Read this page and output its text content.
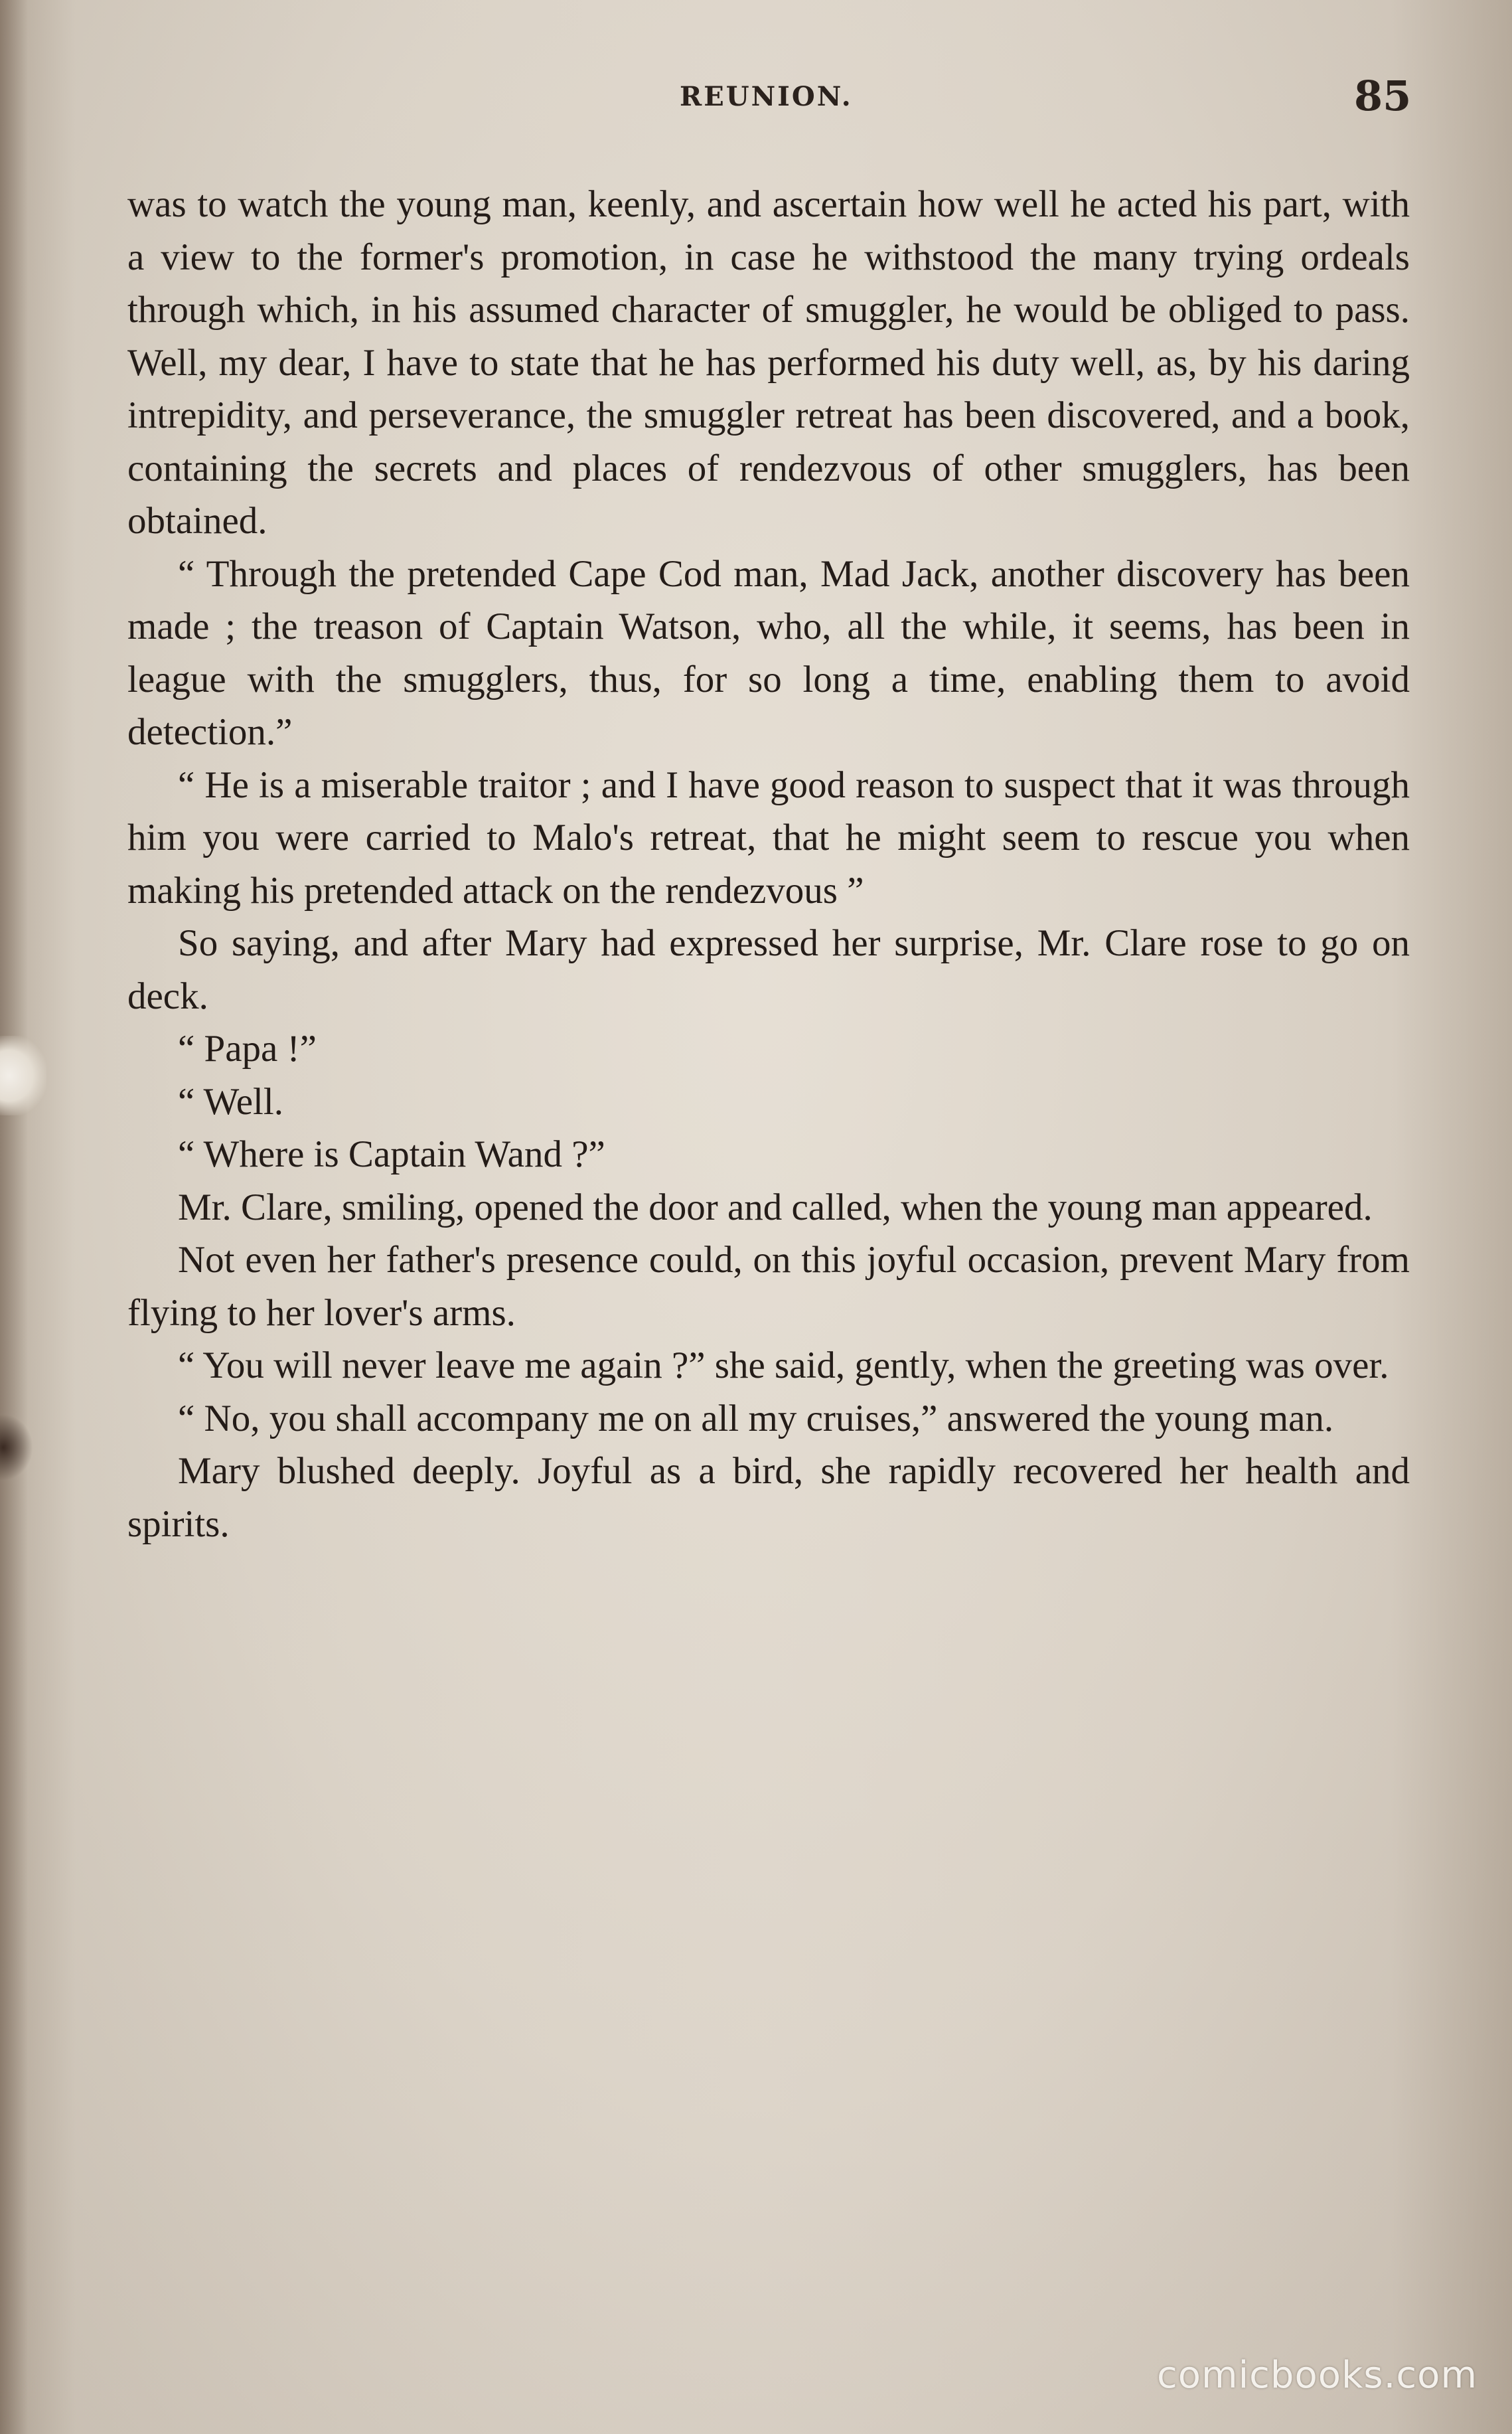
REUNION.	85

was to watch the young man, keenly, and ascertain how well he acted his part, with a view to the former's promotion, in case he withstood the many trying ordeals through which, in his assumed character of smuggler, he would be obliged to pass. Well, my dear, I have to state that he has performed his duty well, as, by his daring intrepidity, and perseverance, the smuggler retreat has been discovered, and a book, containing the secrets and places of rendezvous of other smugglers, has been obtained.

“ Through the pretended Cape Cod man, Mad Jack, another discovery has been made ; the treason of Captain Watson, who, all the while, it seems, has been in league with the smugglers, thus, for so long a time, enabling them to avoid detection.”

“ He is a miserable traitor ; and I have good reason to suspect that it was through him you were carried to Malo's retreat, that he might seem to rescue you when making his pretended attack on the rendezvous ”

So saying, and after Mary had expressed her surprise, Mr. Clare rose to go on deck.

“ Papa !”

“ Well.

“ Where is Captain Wand ?”

Mr. Clare, smiling, opened the door and called, when the young man appeared.

Not even her father's presence could, on this joyful occasion, prevent Mary from flying to her lover's arms.

“ You will never leave me again ?” she said, gently, when the greeting was over.

“ No, you shall accompany me on all my cruises,” answered the young man.

Mary blushed deeply. Joyful as a bird, she rapidly recovered her health and spirits.

comicbooks.com
